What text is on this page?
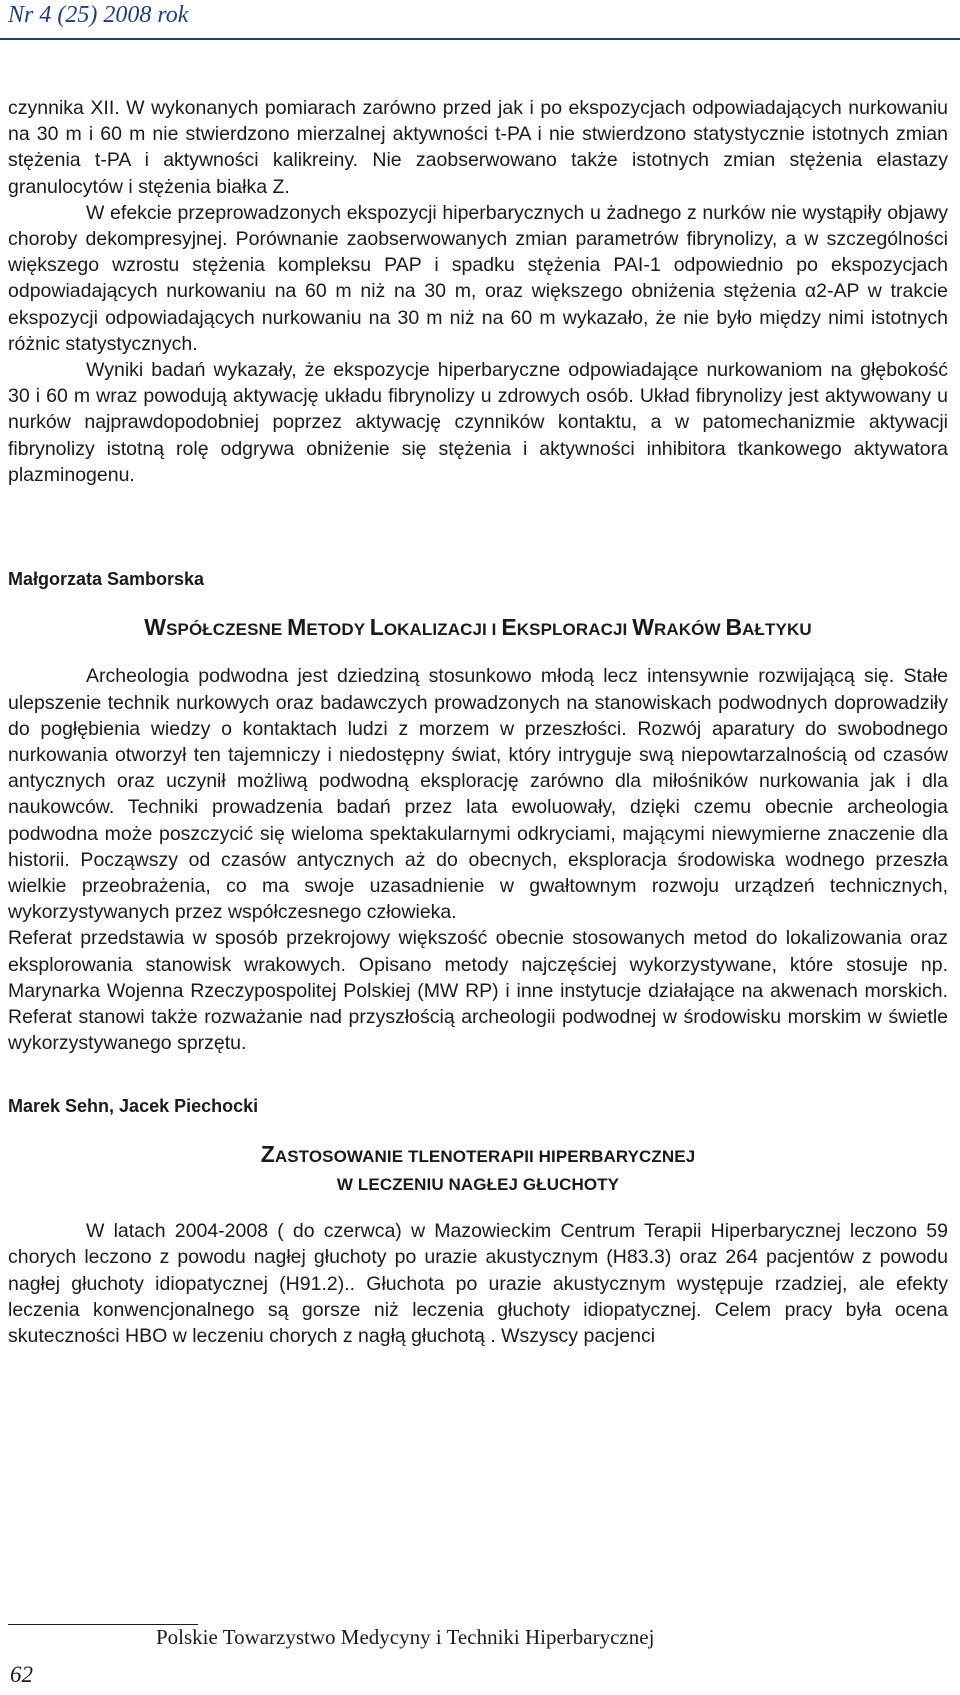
Nr 4 (25) 2008 rok

czynnika XII. W wykonanych pomiarach zarówno przed jak i po ekspozycjach odpowiadających nurkowaniu na 30 m i 60 m nie stwierdzono mierzalnej aktywności t-PA i nie stwierdzono statystycznie istotnych zmian stężenia t-PA i aktywności kalikreiny. Nie zaobserwowano także istotnych zmian stężenia elastazy granulocytów i stężenia białka Z.

W efekcie przeprowadzonych ekspozycji hiperbarycznych u żadnego z nurków nie wystąpiły objawy choroby dekompresyjnej. Porównanie zaobserwowanych zmian parametrów fibrynolizy, a w szczególności większego wzrostu stężenia kompleksu PAP i spadku stężenia PAI-1 odpowiednio po ekspozycjach odpowiadających nurkowaniu na 60 m niż na 30 m, oraz większego obniżenia stężenia α2-AP w trakcie ekspozycji odpowiadających nurkowaniu na 30 m niż na 60 m wykazało, że nie było między nimi istotnych różnic statystycznych.

Wyniki badań wykazały, że ekspozycje hiperbaryczne odpowiadające nurkowaniom na głębokość 30 i 60 m wraz powodują aktywację układu fibrynolizy u zdrowych osób. Układ fibrynolizy jest aktywowany u nurków najprawdopodobniej poprzez aktywację czynników kontaktu, a w patomechanizmie aktywacji fibrynolizy istotną rolę odgrywa obniżenie się stężenia i aktywności inhibitora tkankowego aktywatora plazminogenu.

Małgorzata Samborska
WSPÓŁCZESNE METODY LOKALIZACJI I EKSPLORACJI WRAKÓW BAŁTYKU

Archeologia podwodna jest dziedziną stosunkowo młodą lecz intensywnie rozwijającą się. Stałe ulepszenie technik nurkowych oraz badawczych prowadzonych na stanowiskach podwodnych doprowadziły do pogłębienia wiedzy o kontaktach ludzi z morzem w przeszłości. Rozwój aparatury do swobodnego nurkowania otworzył ten tajemniczy i niedostępny świat, który intryguje swą niepowtarzalnością od czasów antycznych oraz uczynił możliwą podwodną eksplorację zarówno dla miłośników nurkowania jak i dla naukowców. Techniki prowadzenia badań przez lata ewoluowały, dzięki czemu obecnie archeologia podwodna może poszczycić się wieloma spektakularnymi odkryciami, mającymi niewymierne znaczenie dla historii. Począwszy od czasów antycznych aż do obecnych, eksploracja środowiska wodnego przeszła wielkie przeobrażenia, co ma swoje uzasadnienie w gwałtownym rozwoju urządzeń technicznych, wykorzystywanych przez współczesnego człowieka.

Referat przedstawia w sposób przekrojowy większość obecnie stosowanych metod do lokalizowania oraz eksplorowania stanowisk wrakowych. Opisano metody najczęściej wykorzystywane, które stosuje np. Marynarka Wojenna Rzeczypospolitej Polskiej (MW RP) i inne instytucje działające na akwenach morskich. Referat stanowi także rozważanie nad przyszłością archeologii podwodnej w środowisku morskim w świetle wykorzystywanego sprzętu.

Marek Sehn, Jacek Piechocki
ZASTOSOWANIE TLENOTERAPII HIPERBARYCZNEJ
W LECZENIU NAGŁEJ GŁUCHOTY

W latach 2004-2008 ( do czerwca) w Mazowieckim Centrum Terapii Hiperbarycznej leczono 59 chorych leczono z powodu nagłej głuchoty po urazie akustycznym (H83.3) oraz 264 pacjentów z powodu nagłej głuchoty idiopatycznej (H91.2).. Głuchota po urazie akustycznym występuje rzadziej, ale efekty leczenia konwencjonalnego są gorsze niż leczenia głuchoty idiopatycznej. Celem pracy była ocena skuteczności HBO w leczeniu chorych z nagłą głuchotą . Wszyscy pacjenci

Polskie Towarzystwo Medycyny i Techniki Hiperbarycznej
62
